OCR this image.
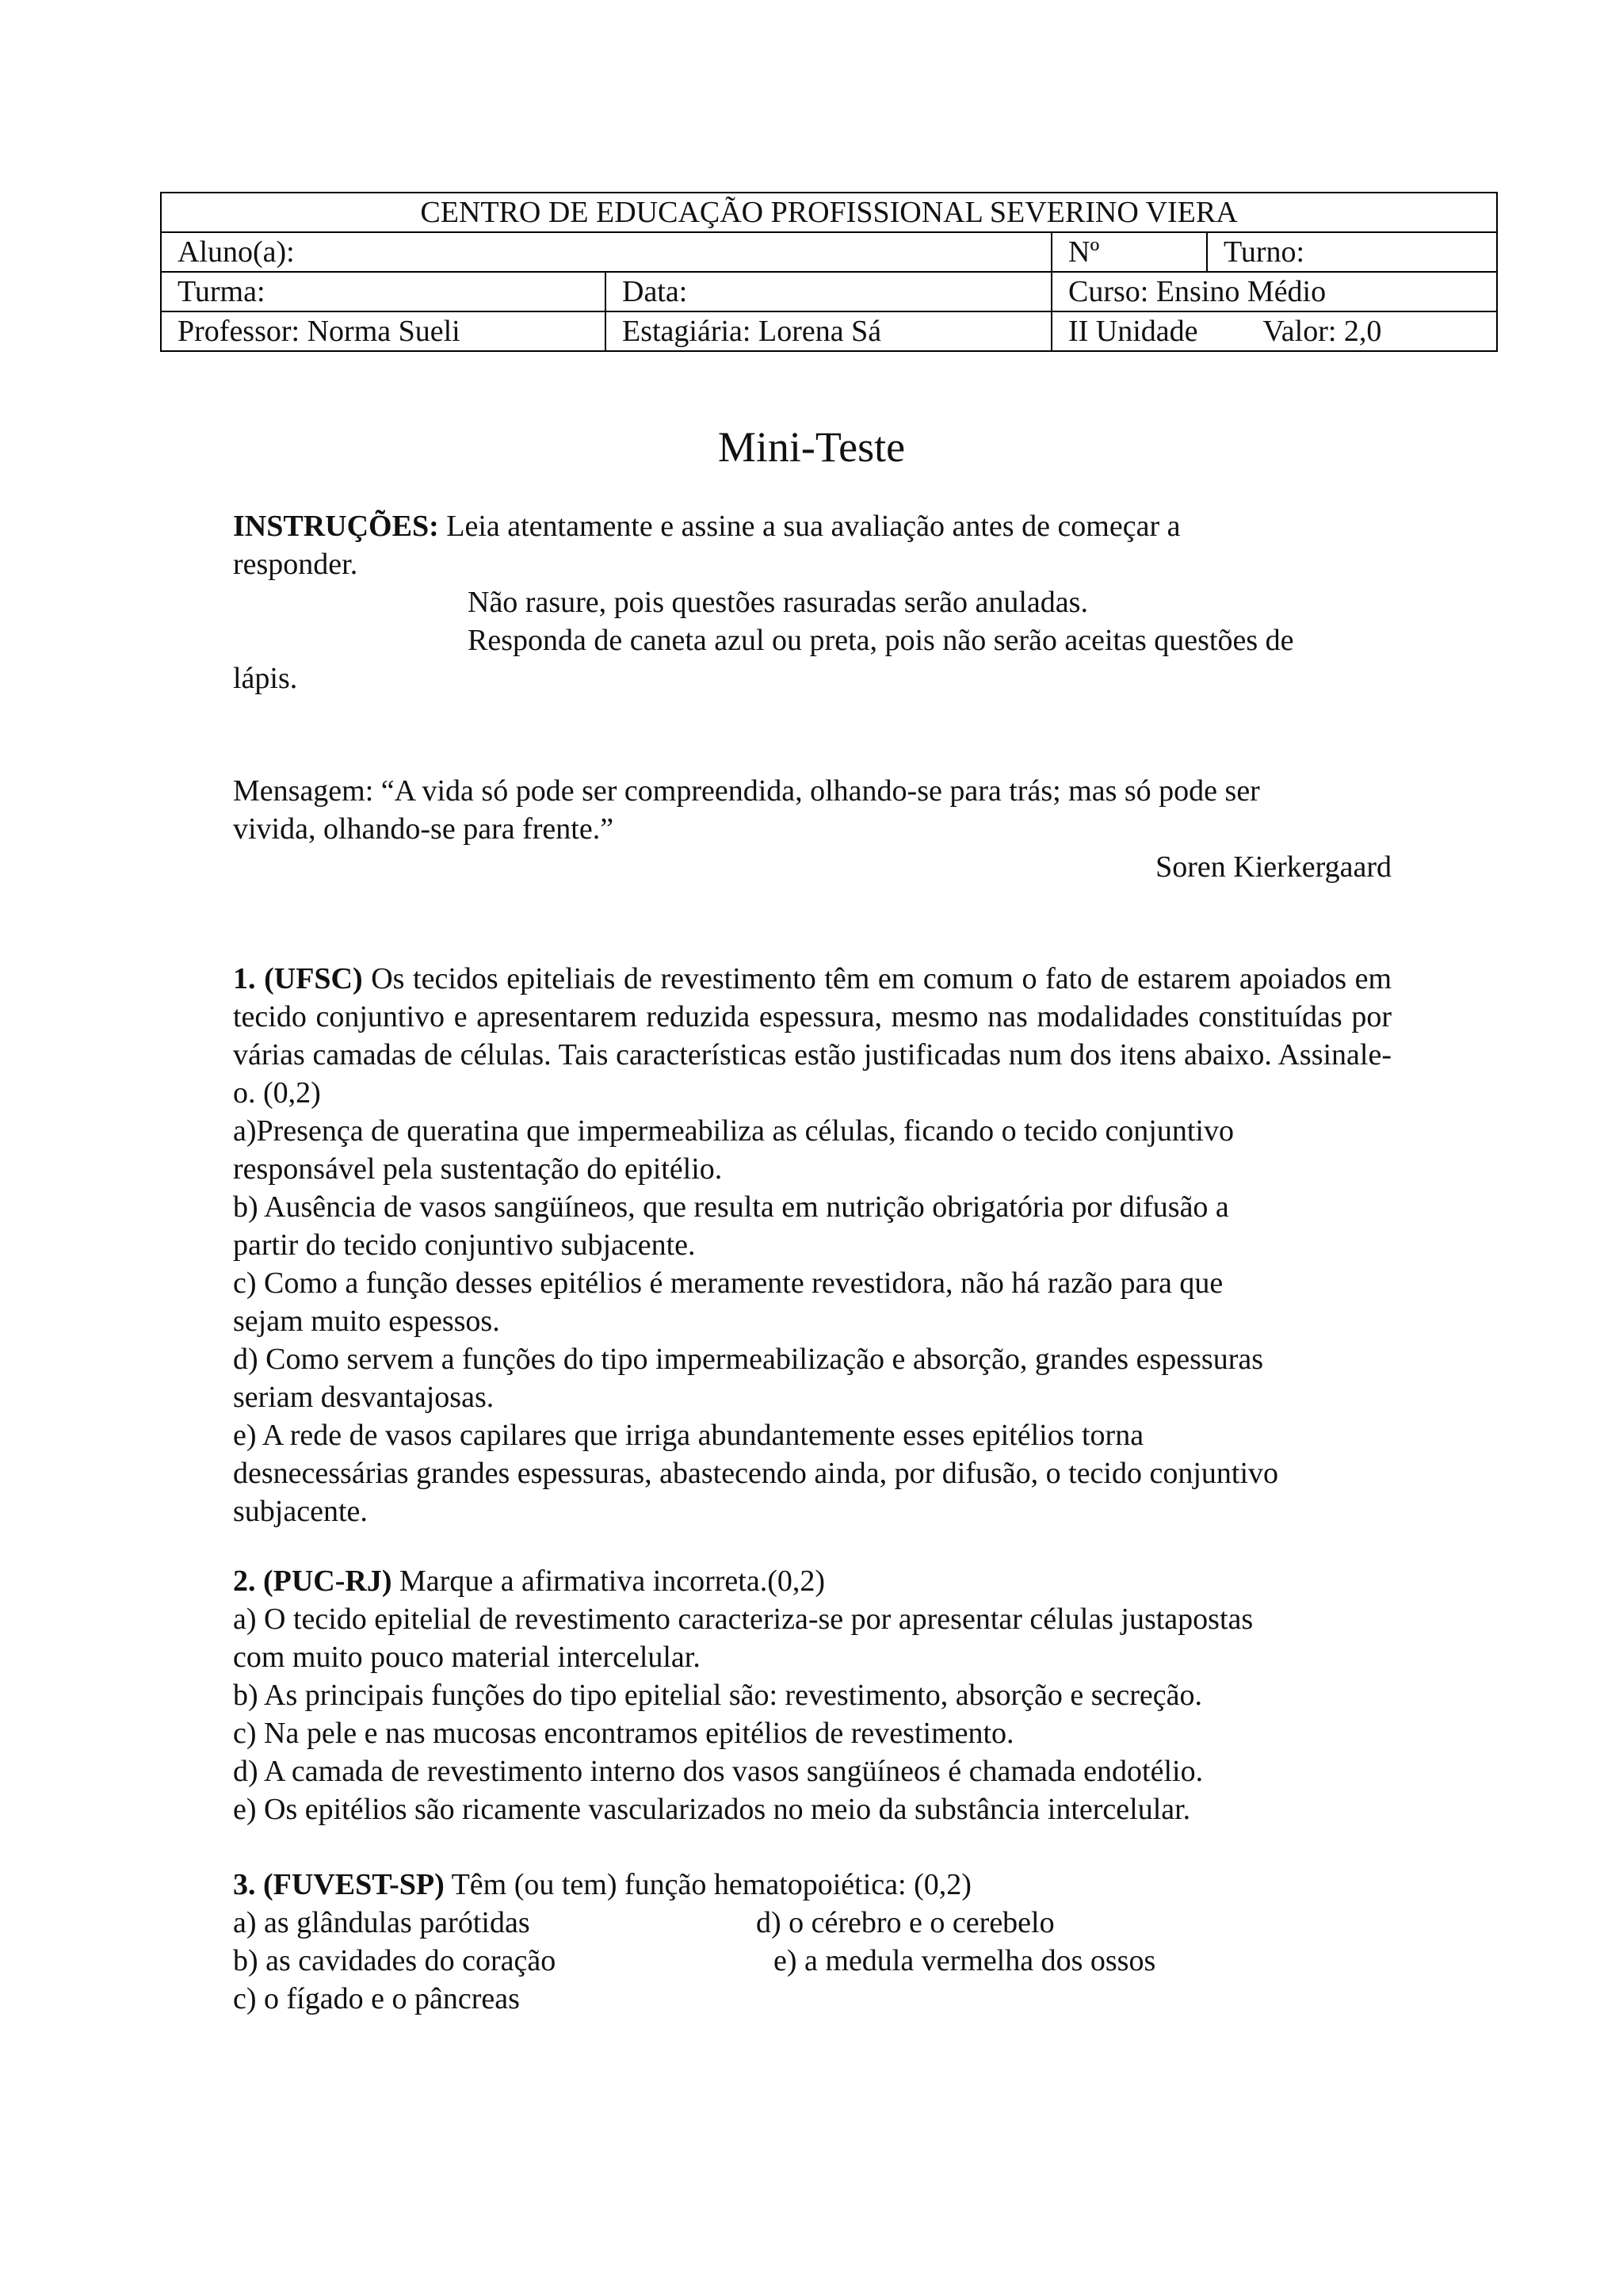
CENTRO DE EDUCAÇÃO PROFISSIONAL SEVERINO VIERA			
Aluno(a):		Nº	Turno:
Turma:	Data:	Curso: Ensino Médio	
Professor: Norma Sueli	Estagiária: Lorena Sá	II Unidade Valor: 2,0	
Mini-Teste
INSTRUÇÕES: Leia atentamente e assine a sua avaliação antes de começar a
responder.
Não rasure, pois questões rasuradas serão anuladas.
Responda de caneta azul ou preta, pois não serão aceitas questões de
lápis.
Mensagem: “A vida só pode ser compreendida, olhando-se para trás; mas só pode ser
vivida, olhando-se para frente.”
Soren Kierkergaard
1. (UFSC) Os tecidos epiteliais de revestimento têm em comum o fato de estarem apoiados em tecido conjuntivo e apresentarem reduzida espessura, mesmo nas modalidades constituídas por várias camadas de células. Tais características estão justificadas num dos itens abaixo. Assinale-o. (0,2)
a)Presença de queratina que impermeabiliza as células, ficando o tecido conjuntivo
responsável pela sustentação do epitélio.
b) Ausência de vasos sangüíneos, que resulta em nutrição obrigatória por difusão a
partir do tecido conjuntivo subjacente.
c) Como a função desses epitélios é meramente revestidora, não há razão para que
sejam muito espessos.
d) Como servem a funções do tipo impermeabilização e absorção, grandes espessuras
seriam desvantajosas.
e) A rede de vasos capilares que irriga abundantemente esses epitélios torna
desnecessárias grandes espessuras, abastecendo ainda, por difusão, o tecido conjuntivo
subjacente.
2. (PUC-RJ) Marque a afirmativa incorreta.(0,2)
a) O tecido epitelial de revestimento caracteriza-se por apresentar células justapostas
com muito pouco material intercelular.
b) As principais funções do tipo epitelial são: revestimento, absorção e secreção.
c) Na pele e nas mucosas encontramos epitélios de revestimento.
d) A camada de revestimento interno dos vasos sangüíneos é chamada endotélio.
e) Os epitélios são ricamente vascularizados no meio da substância intercelular.
3. (FUVEST-SP) Têm (ou tem) função hematopoiética: (0,2)
a) as glândulas parótidas	d) o cérebro e o cerebelo
b) as cavidades do coração	e) a medula vermelha dos ossos
c) o fígado e o pâncreas
